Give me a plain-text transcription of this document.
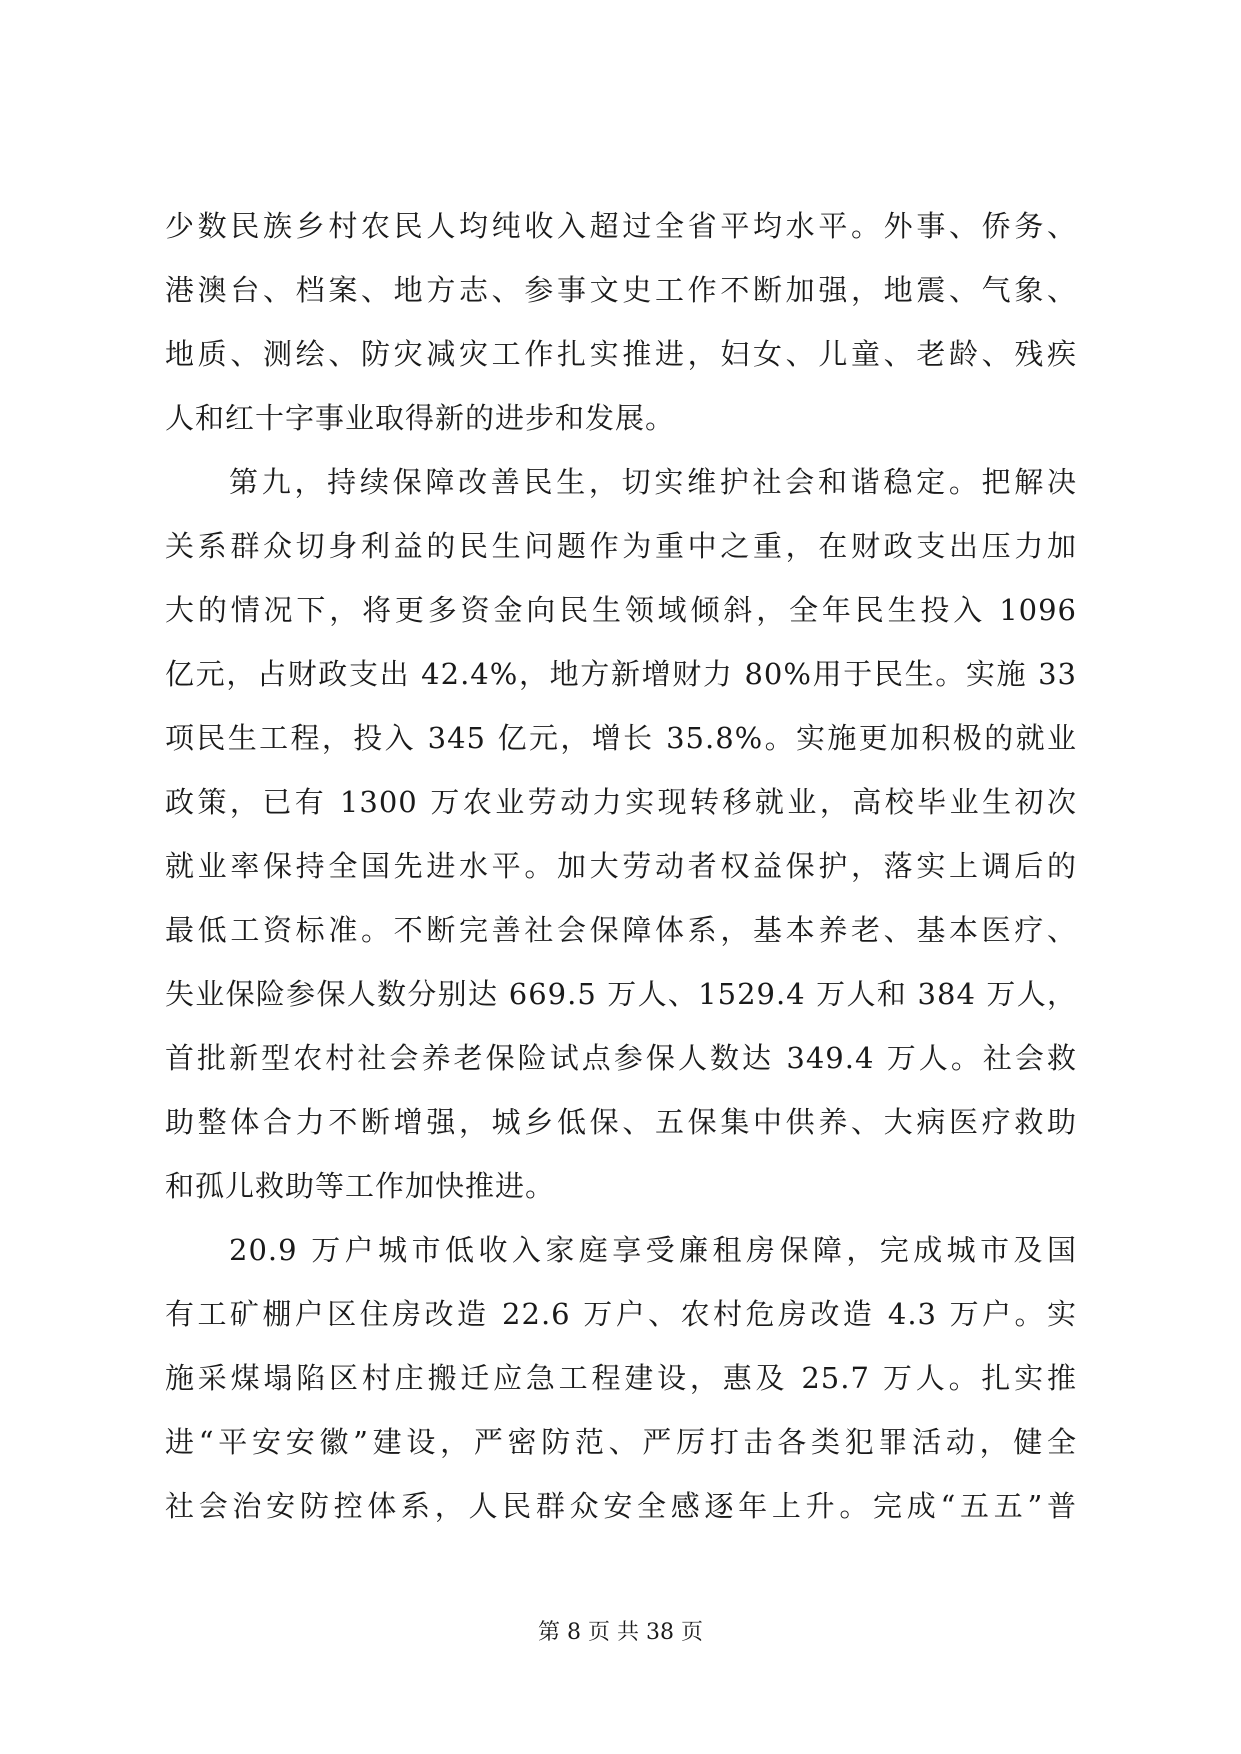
少数民族乡村农民人均纯收入超过全省平均水平。外事、侨务、
港澳台、档案、地方志、参事文史工作不断加强，地震、气象、
地质、测绘、防灾减灾工作扎实推进，妇女、儿童、老龄、残疾
人和红十字事业取得新的进步和发展。
第九，持续保障改善民生，切实维护社会和谐稳定。把解决
关系群众切身利益的民生问题作为重中之重，在财政支出压力加
大的情况下，将更多资金向民生领域倾斜，全年民生投入 1096
亿元，占财政支出 42.4%，地方新增财力 80%用于民生。实施 33
项民生工程，投入 345 亿元，增长 35.8%。实施更加积极的就业
政策，已有 1300 万农业劳动力实现转移就业，高校毕业生初次
就业率保持全国先进水平。加大劳动者权益保护，落实上调后的
最低工资标准。不断完善社会保障体系，基本养老、基本医疗、
失业保险参保人数分别达 669.5 万人、1529.4 万人和 384 万人，
首批新型农村社会养老保险试点参保人数达 349.4 万人。社会救
助整体合力不断增强，城乡低保、五保集中供养、大病医疗救助
和孤儿救助等工作加快推进。
20.9 万户城市低收入家庭享受廉租房保障，完成城市及国
有工矿棚户区住房改造 22.6 万户、农村危房改造 4.3 万户。实
施采煤塌陷区村庄搬迁应急工程建设，惠及 25.7 万人。扎实推
进“平安安徽”建设，严密防范、严厉打击各类犯罪活动，健全
社会治安防控体系，人民群众安全感逐年上升。完成“五五”普
第 8 页 共 38 页
